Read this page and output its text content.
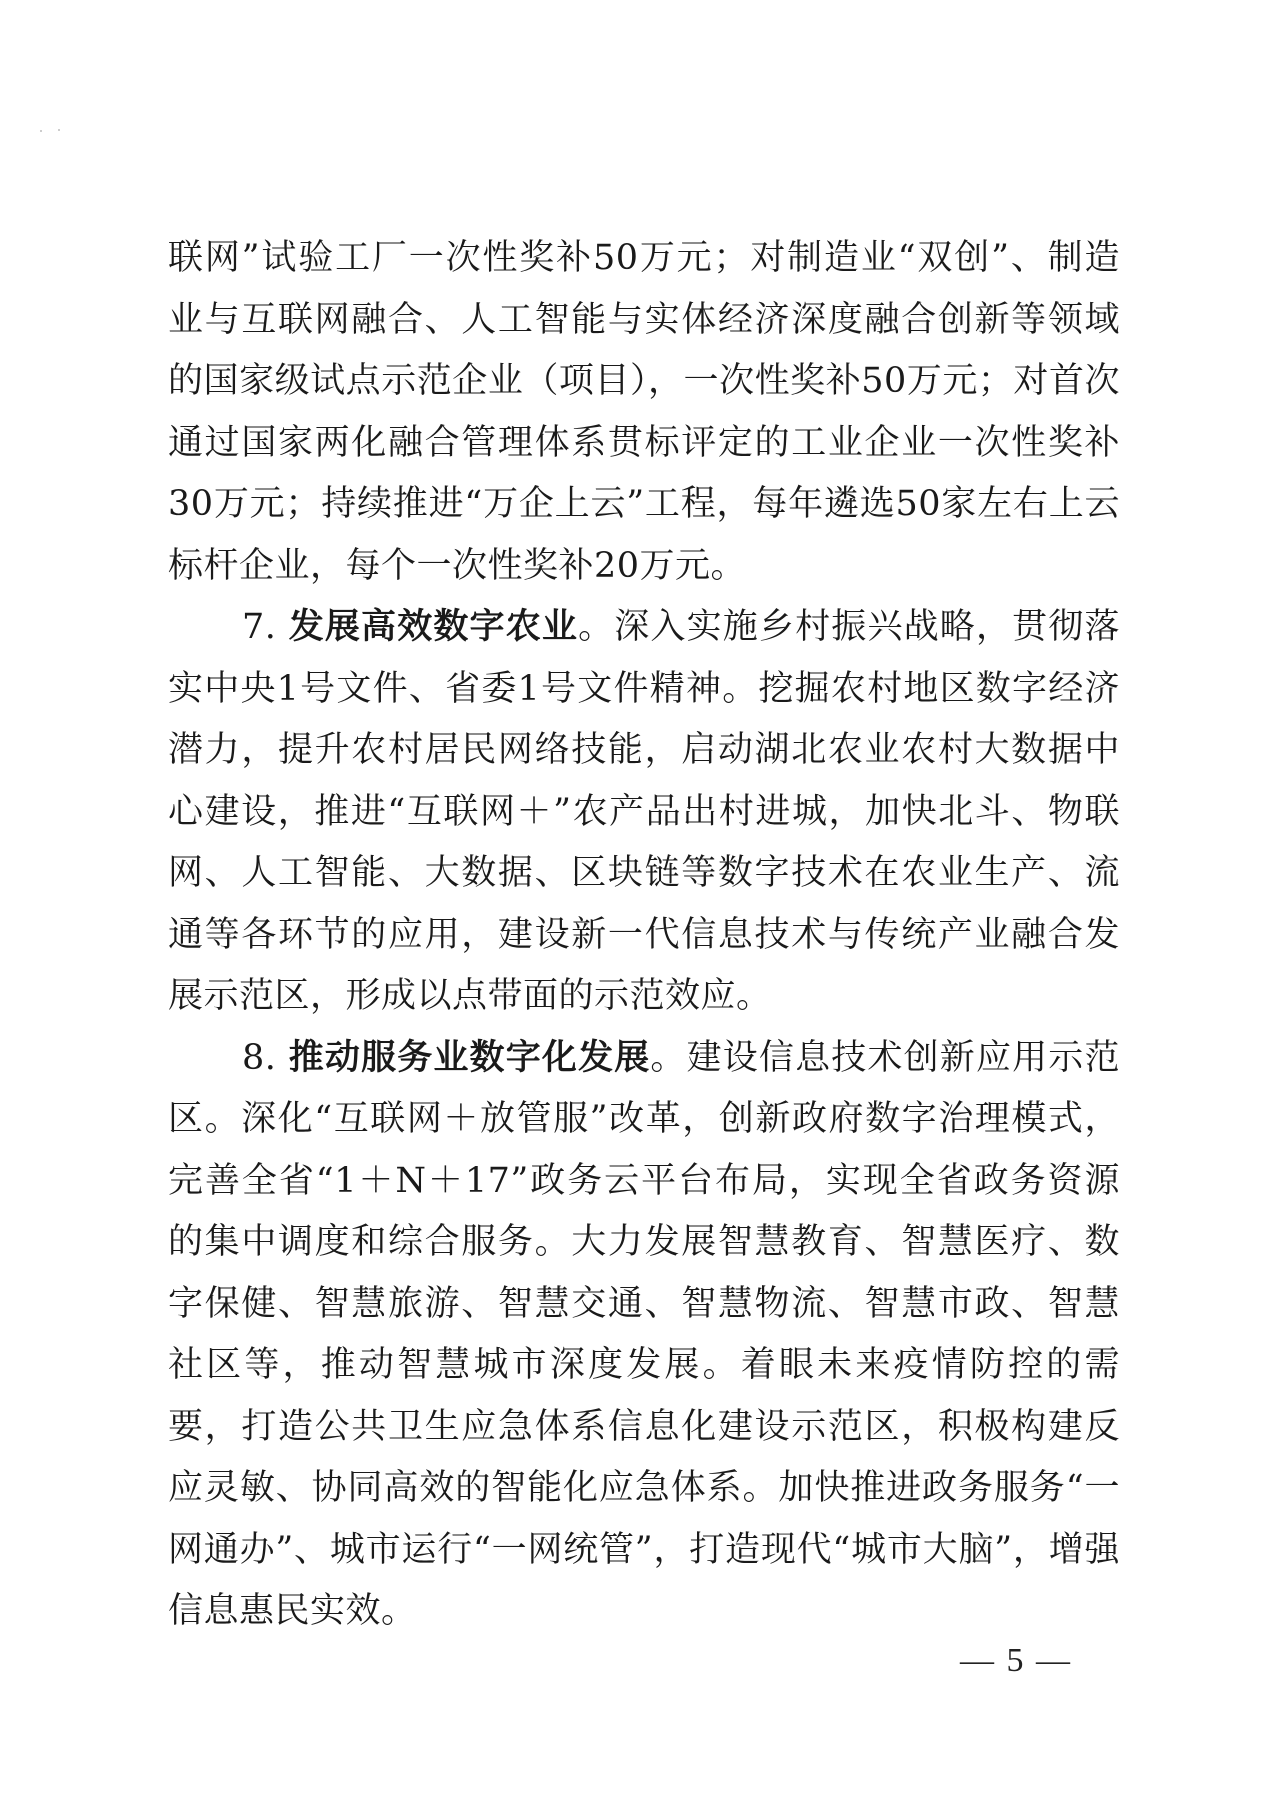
联网”试验工厂一次性奖补50万元；对制造业“双创”、制造业与互联网融合、人工智能与实体经济深度融合创新等领域的国家级试点示范企业（项目），一次性奖补50万元；对首次通过国家两化融合管理体系贯标评定的工业企业一次性奖补30万元；持续推进“万企上云”工程，每年遴选50家左右上云标杆企业，每个一次性奖补20万元。

7. 发展高效数字农业。深入实施乡村振兴战略，贯彻落实中央1号文件、省委1号文件精神。挖掘农村地区数字经济潜力，提升农村居民网络技能，启动湖北农业农村大数据中心建设，推进“互联网＋”农产品出村进城，加快北斗、物联网、人工智能、大数据、区块链等数字技术在农业生产、流通等各环节的应用，建设新一代信息技术与传统产业融合发展示范区，形成以点带面的示范效应。

8. 推动服务业数字化发展。建设信息技术创新应用示范区。深化“互联网＋放管服”改革，创新政府数字治理模式，完善全省“1＋N＋17”政务云平台布局，实现全省政务资源的集中调度和综合服务。大力发展智慧教育、智慧医疗、数字保健、智慧旅游、智慧交通、智慧物流、智慧市政、智慧社区等，推动智慧城市深度发展。着眼未来疫情防控的需要，打造公共卫生应急体系信息化建设示范区，积极构建反应灵敏、协同高效的智能化应急体系。加快推进政务服务“一网通办”、城市运行“一网统管”，打造现代“城市大脑”，增强信息惠民实效。

— 5 —
